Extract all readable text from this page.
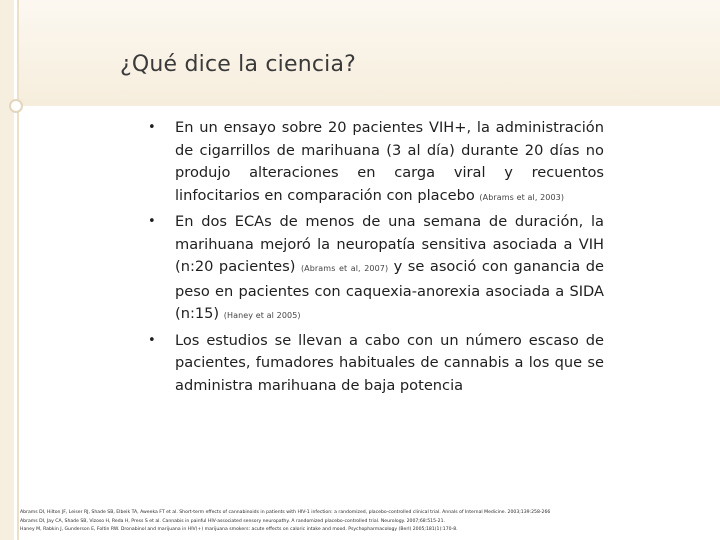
¿Qué dice la ciencia?
• En un ensayo sobre 20 pacientes VIH+, la administración de cigarrillos de marihuana (3 al día) durante 20 días no produjo alteraciones en carga viral y recuentos linfocitarios en comparación con placebo (Abrams et al, 2003)
• En dos ECAs de menos de una semana de duración, la marihuana mejoró la neuropatía sensitiva asociada a VIH (n:20 pacientes) (Abrams et al, 2007) y se asoció con ganancia de peso en pacientes con caquexia-anorexia asociada a SIDA (n:15) (Haney et al 2005)
• Los estudios se llevan a cabo con un número escaso de pacientes, fumadores habituales de cannabis a los que se administra marihuana de baja potencia
Abrams DI, Hilton JF, Leiser RJ, Shade SB, Elbeik TA, Aweeka FT et al. Short-term effects of cannabinoids in patients with HIV-1 infection: a randomized, placebo-controlled clinical trial. Annals of Internal Medicine. 2003;139:258-266
Abrams DI, Jay CA, Shade SB, Vizoso H, Reda H, Press S et al. Cannabis in painful HIV-associated sensory neuropathy. A randomized placebo-controlled trial. Neurology. 2007;68:515-21.
Haney M, Rabkin J, Gunderson E, Foltin RW. Dronabinol and marijuana in HIV(+) marijuana smokers: acute effects on caloric intake and mood. Psychopharmacology (Berl) 2005;181(1):170-8.
